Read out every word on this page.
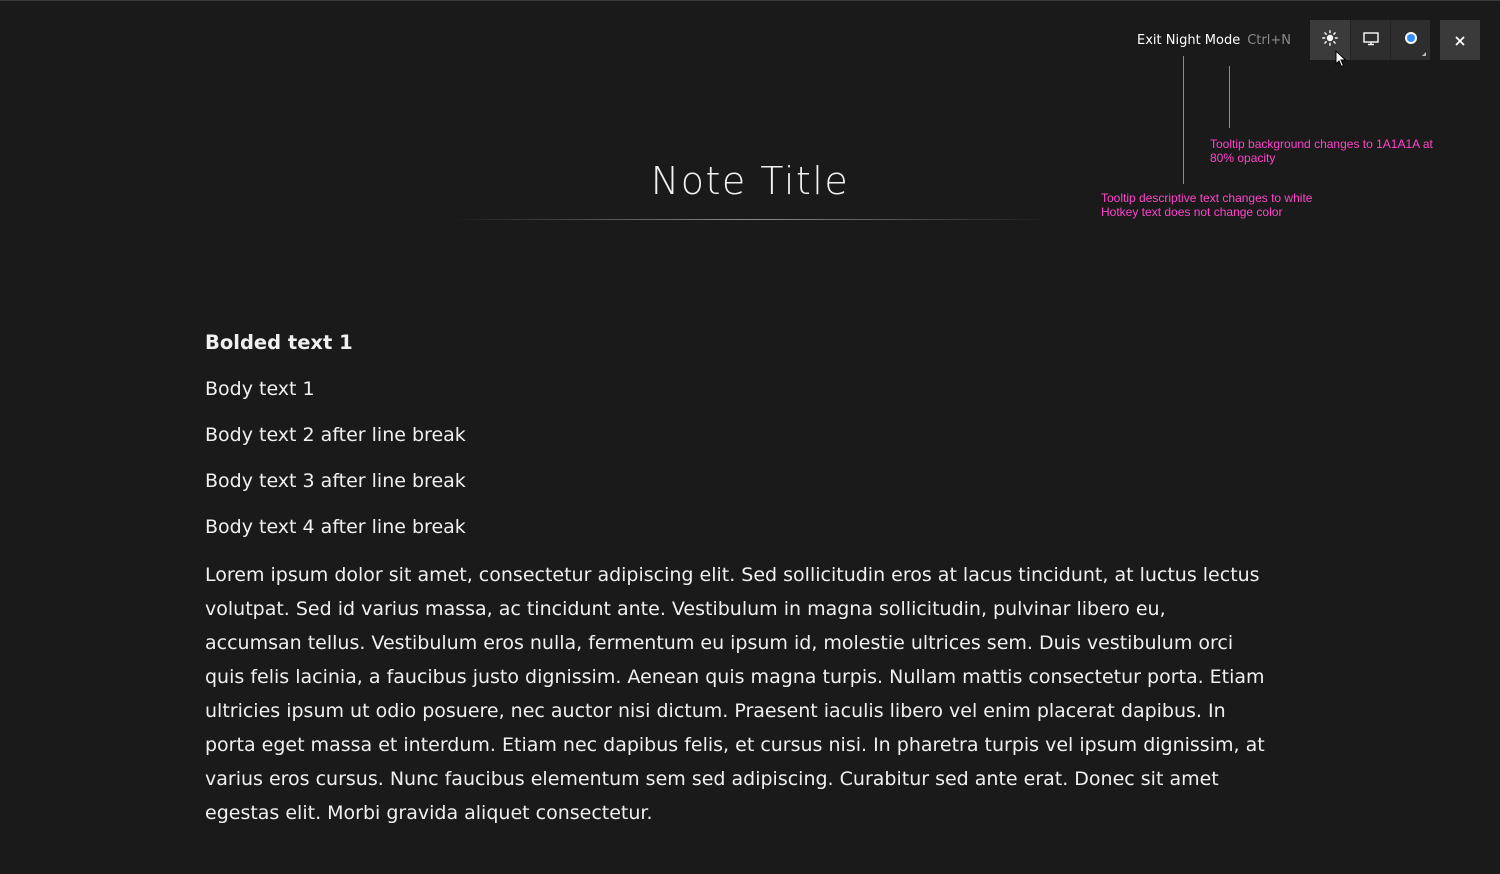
Exit Night Mode Ctrl+N
Tooltip background changes to 1A1A1A at
80% opacity
Tooltip descriptive text changes to white
Hotkey text does not change color
Note Title

Bolded text 1

Body text 1

Body text 2 after line break

Body text 3 after line break

Body text 4 after line break

Lorem ipsum dolor sit amet, consectetur adipiscing elit. Sed sollicitudin eros at lacus tincidunt, at luctus lectus volutpat. Sed id varius massa, ac tincidunt ante. Vestibulum in magna sollicitudin, pulvinar libero eu, accumsan tellus. Vestibulum eros nulla, fermentum eu ipsum id, molestie ultrices sem. Duis vestibulum orci quis felis lacinia, a faucibus justo dignissim. Aenean quis magna turpis. Nullam mattis consectetur porta. Etiam ultricies ipsum ut odio posuere, nec auctor nisi dictum. Praesent iaculis libero vel enim placerat dapibus. In porta eget massa et interdum. Etiam nec dapibus felis, et cursus nisi. In pharetra turpis vel ipsum dignissim, at varius eros cursus. Nunc faucibus elementum sem sed adipiscing. Curabitur sed ante erat. Donec sit amet egestas elit. Morbi gravida aliquet consectetur.
